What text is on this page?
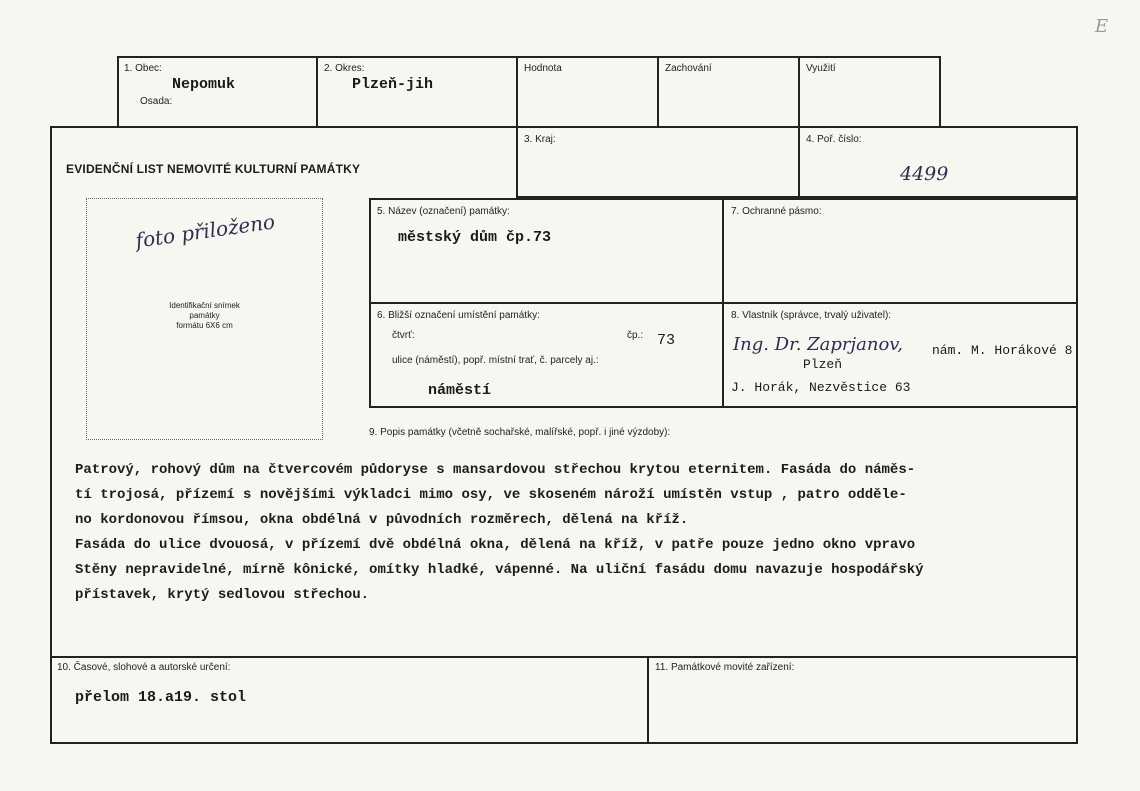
E
1. Obec:
Nepomuk
Osada:
2. Okres:
Plzeň-jih
Hodnota	Zachování	Využití
EVIDENČNÍ LIST NEMOVITÉ KULTURNÍ PAMÁTKY
3. Kraj:	4. Poř. číslo:
4499
foto přiloženo
Identifikační snímek
památky
formátu 6X6 cm
5. Název (označení) památky:
městský dům čp.73
7. Ochranné pásmo:
6. Bližší označení umístění památky:
čtvrť:	čp.: 73
ulice (náměstí), popř. místní trať, č. parcely aj.:
náměstí
8. Vlastník (správce, trvalý uživatel):
Ing. Dr. Zaprjanov, nám. M. Horákové 8
Plzeň
J. Horák, Nezvěstice 63
9. Popis památky (včetně sochařské, malířské, popř. i jiné výzdoby):
Patrový, rohový dům na čtvercovém půdoryse s mansardovou střechou krytou eternitem. Fasáda do náměs-
tí trojosá, přízemí s novějšími výkladci mimo osy, ve skoseném nároží umístěn vstup , patro odděle-
no kordonovou římsou, okna obdélná v původních rozměrech, dělená na kříž.
Fasáda do ulice dvouosá, v přízemí dvě obdélná okna, dělená na kříž, v patře pouze jedno okno vpravo
Stěny nepravidelné, mírně kônické, omítky hladké, vápenné. Na uliční fasádu domu navazuje hospodářský
přístavek, krytý sedlovou střechou.
10. Časové, slohové a autorské určení:
přelom 18.a19. stol
11. Památkové movité zařízení:
